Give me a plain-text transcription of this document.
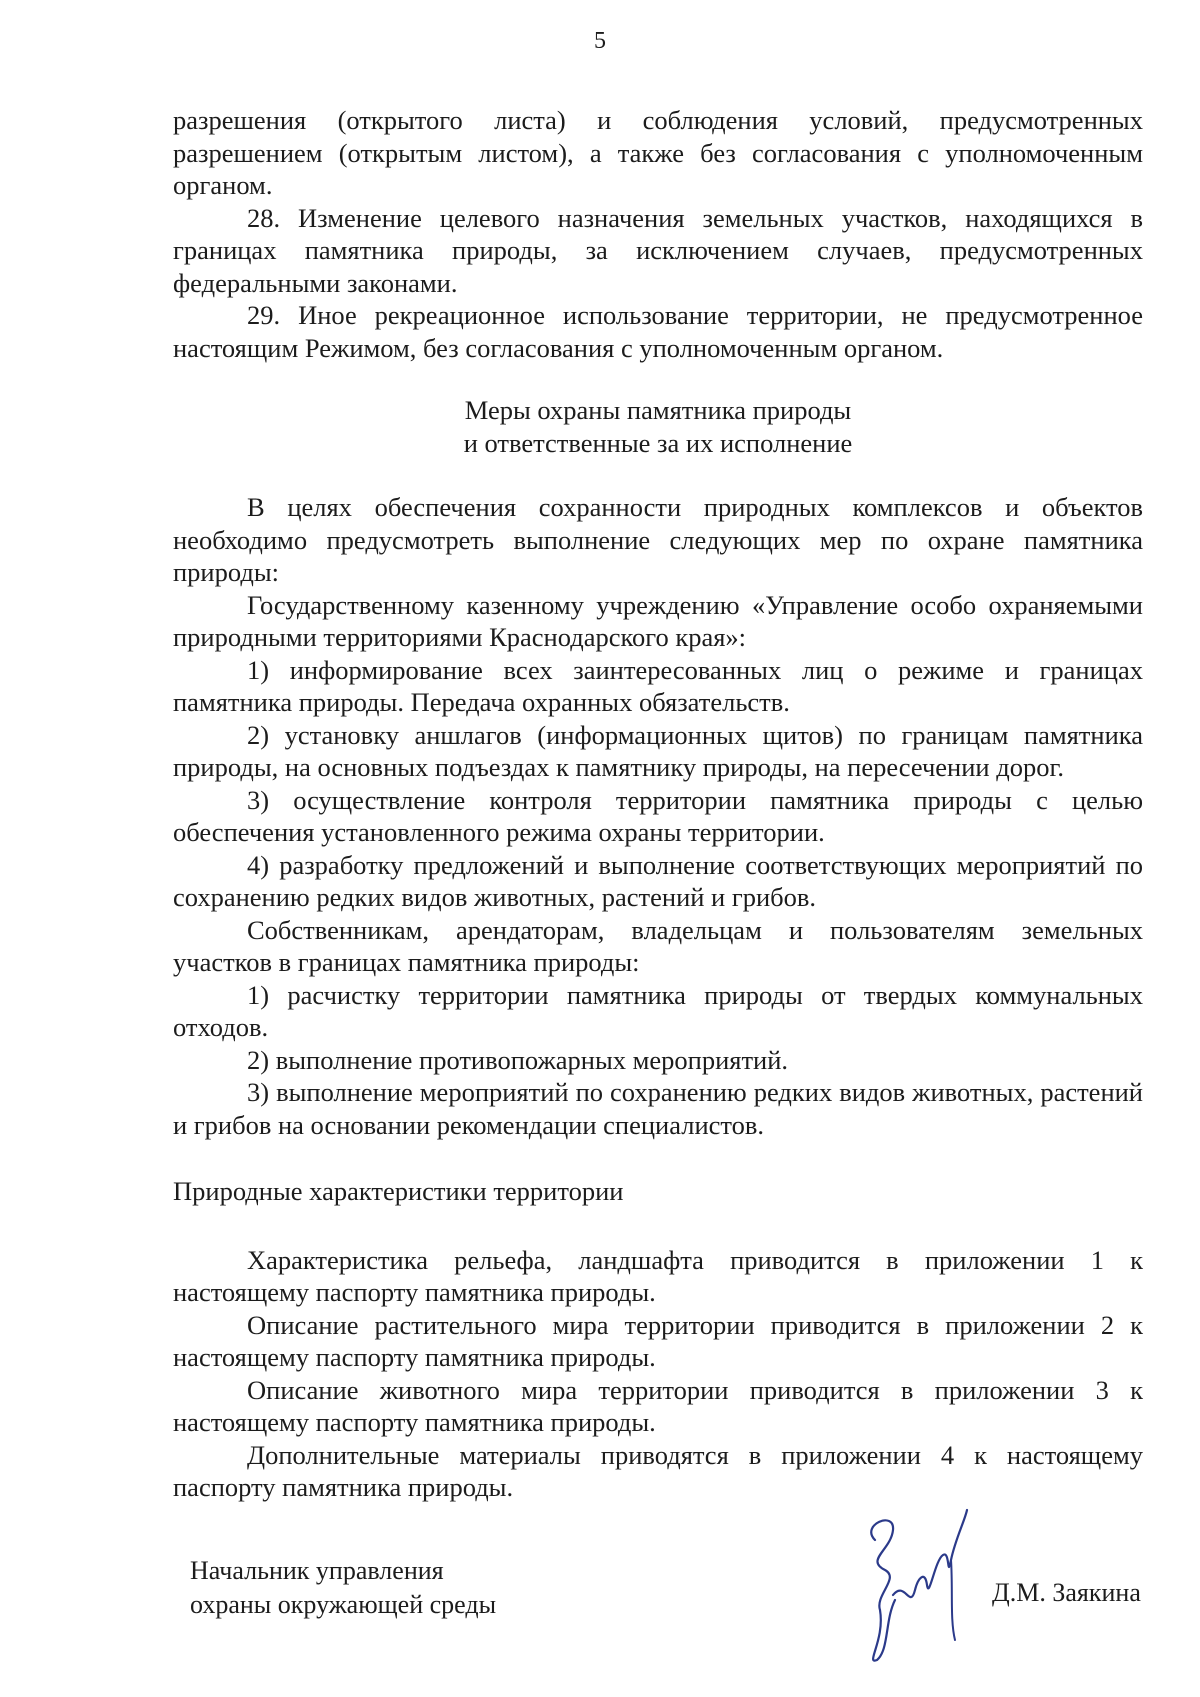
5

разрешения (открытого листа) и соблюдения условий, предусмотренных разрешением (открытым листом), а также без согласования с уполномоченным органом.

28. Изменение целевого назначения земельных участков, находящихся в границах памятника природы, за исключением случаев, предусмотренных федеральными законами.

29. Иное рекреационное использование территории, не предусмотренное настоящим Режимом, без согласования с уполномоченным органом.

Меры охраны памятника природы
и ответственные за их исполнение

В целях обеспечения сохранности природных комплексов и объектов необходимо предусмотреть выполнение следующих мер по охране памятника природы:

Государственному казенному учреждению «Управление особо охраняемыми природными территориями Краснодарского края»:

1) информирование всех заинтересованных лиц о режиме и границах памятника природы. Передача охранных обязательств.

2) установку аншлагов (информационных щитов) по границам памятника природы, на основных подъездах к памятнику природы, на пересечении дорог.

3) осуществление контроля территории памятника природы с целью обеспечения установленного режима охраны территории.

4) разработку предложений и выполнение соответствующих мероприятий по сохранению редких видов животных, растений и грибов.

Собственникам, арендаторам, владельцам и пользователям земельных участков в границах памятника природы:

1) расчистку территории памятника природы от твердых коммунальных отходов.

2) выполнение противопожарных мероприятий.

3) выполнение мероприятий по сохранению редких видов животных, растений и грибов на основании рекомендации специалистов.

Природные характеристики территории

Характеристика рельефа, ландшафта приводится в приложении 1 к настоящему паспорту памятника природы.

Описание растительного мира территории приводится в приложении 2 к настоящему паспорту памятника природы.

Описание животного мира территории приводится в приложении 3 к настоящему паспорту памятника природы.

Дополнительные материалы приводятся в приложении 4 к настоящему паспорту памятника природы.

Начальник управления
охраны окружающей среды	Д.М. Заякина
